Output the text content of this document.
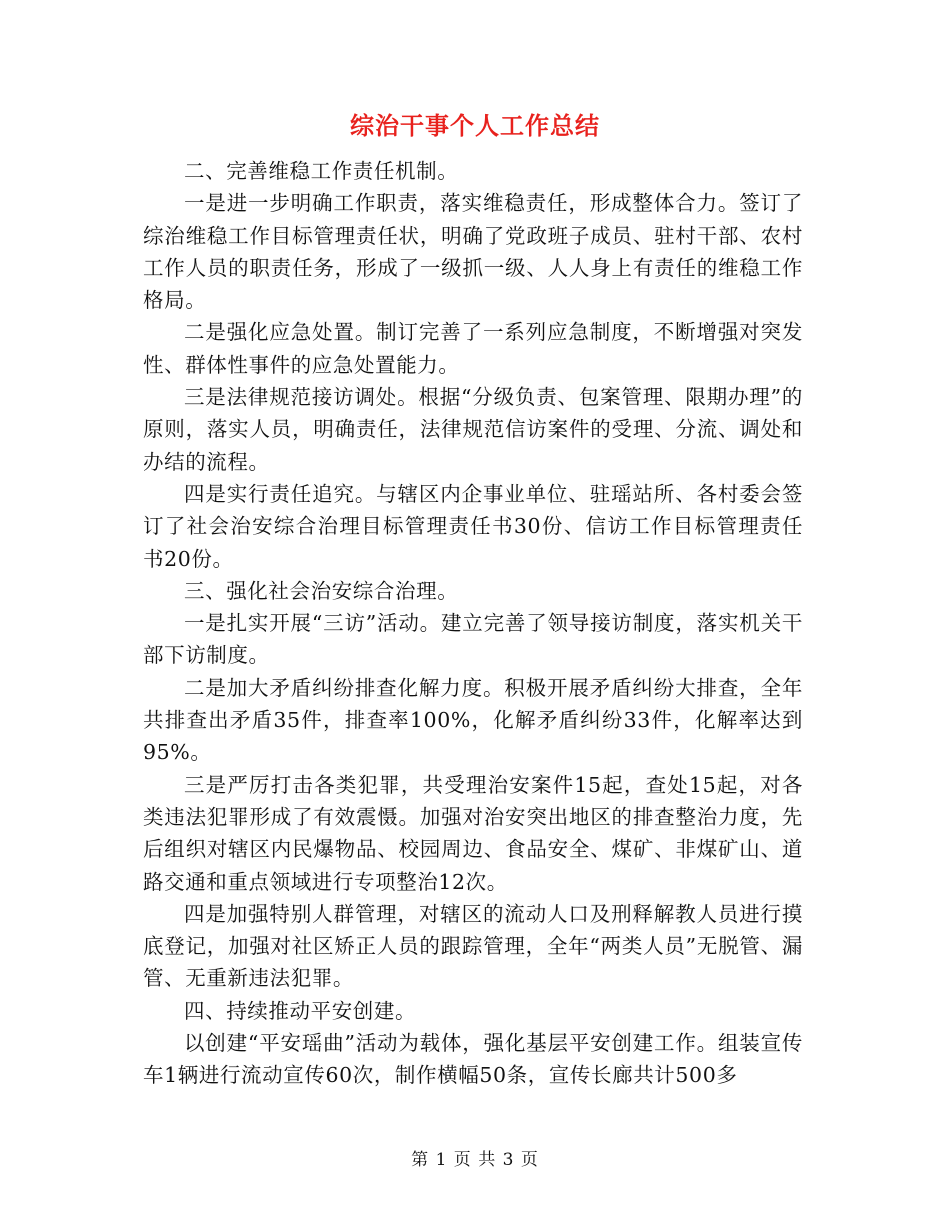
综治干事个人工作总结

二、完善维稳工作责任机制。

一是进一步明确工作职责，落实维稳责任，形成整体合力。签订了综治维稳工作目标管理责任状，明确了党政班子成员、驻村干部、农村工作人员的职责任务，形成了一级抓一级、人人身上有责任的维稳工作格局。

二是强化应急处置。制订完善了一系列应急制度，不断增强对突发性、群体性事件的应急处置能力。

三是法律规范接访调处。根据“分级负责、包案管理、限期办理”的原则，落实人员，明确责任，法律规范信访案件的受理、分流、调处和办结的流程。

四是实行责任追究。与辖区内企事业单位、驻瑶站所、各村委会签订了社会治安综合治理目标管理责任书30份、信访工作目标管理责任书20份。

三、强化社会治安综合治理。

一是扎实开展“三访”活动。建立完善了领导接访制度，落实机关干部下访制度。

二是加大矛盾纠纷排查化解力度。积极开展矛盾纠纷大排查，全年共排查出矛盾35件，排查率100%，化解矛盾纠纷33件，化解率达到95%。

三是严厉打击各类犯罪，共受理治安案件15起，查处15起，对各类违法犯罪形成了有效震慑。加强对治安突出地区的排查整治力度，先后组织对辖区内民爆物品、校园周边、食品安全、煤矿、非煤矿山、道路交通和重点领域进行专项整治12次。

四是加强特别人群管理，对辖区的流动人口及刑释解教人员进行摸底登记，加强对社区矫正人员的跟踪管理，全年“两类人员”无脱管、漏管、无重新违法犯罪。

四、持续推动平安创建。

以创建“平安瑶曲”活动为载体，强化基层平安创建工作。组装宣传车1辆进行流动宣传60次，制作横幅50条，宣传长廊共计500多

第 1 页 共 3 页
